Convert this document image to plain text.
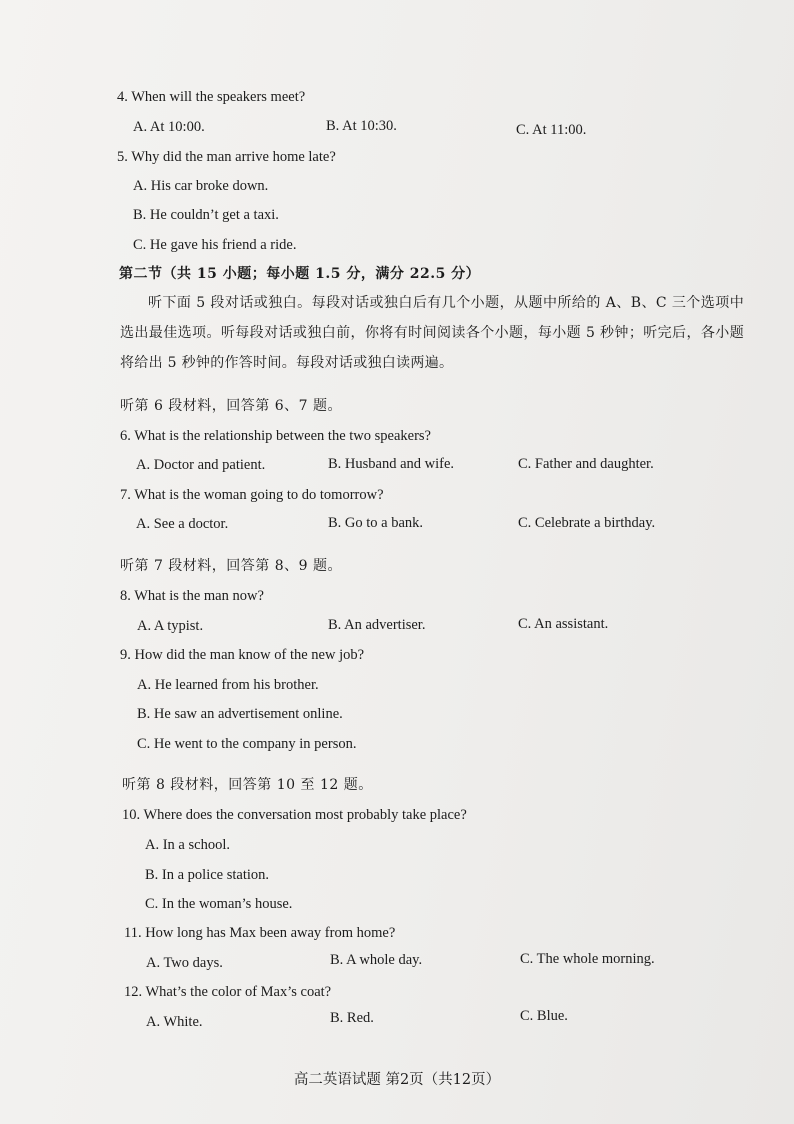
4. When will the speakers meet?
A. At 10:00.	B. At 10:30.	C. At 11:00.
5. Why did the man arrive home late?
A. His car broke down.
B. He couldn’t get a taxi.
C. He gave his friend a ride.
第二节（共 15 小题；每小题 1.5 分，满分 22.5 分）
听下面 5 段对话或独白。每段对话或独白后有几个小题，从题中所给的 A、B、C 三个选项中选出最佳选项。听每段对话或独白前，你将有时间阅读各个小题，每小题 5 秒钟；听完后，各小题将给出 5 秒钟的作答时间。每段对话或独白读两遍。
听第 6 段材料，回答第 6、7 题。
6. What is the relationship between the two speakers?
A. Doctor and patient.	B. Husband and wife.	C. Father and daughter.
7. What is the woman going to do tomorrow?
A. See a doctor.	B. Go to a bank.	C. Celebrate a birthday.
听第 7 段材料，回答第 8、9 题。
8. What is the man now?
A. A typist.	B. An advertiser.	C. An assistant.
9. How did the man know of the new job?
A. He learned from his brother.
B. He saw an advertisement online.
C. He went to the company in person.
听第 8 段材料，回答第 10 至 12 题。
10. Where does the conversation most probably take place?
A. In a school.
B. In a police station.
C. In the woman’s house.
11. How long has Max been away from home?
A. Two days.	B. A whole day.	C. The whole morning.
12. What’s the color of Max’s coat?
A. White.	B. Red.	C. Blue.
高二英语试题 第2页（共12页）
